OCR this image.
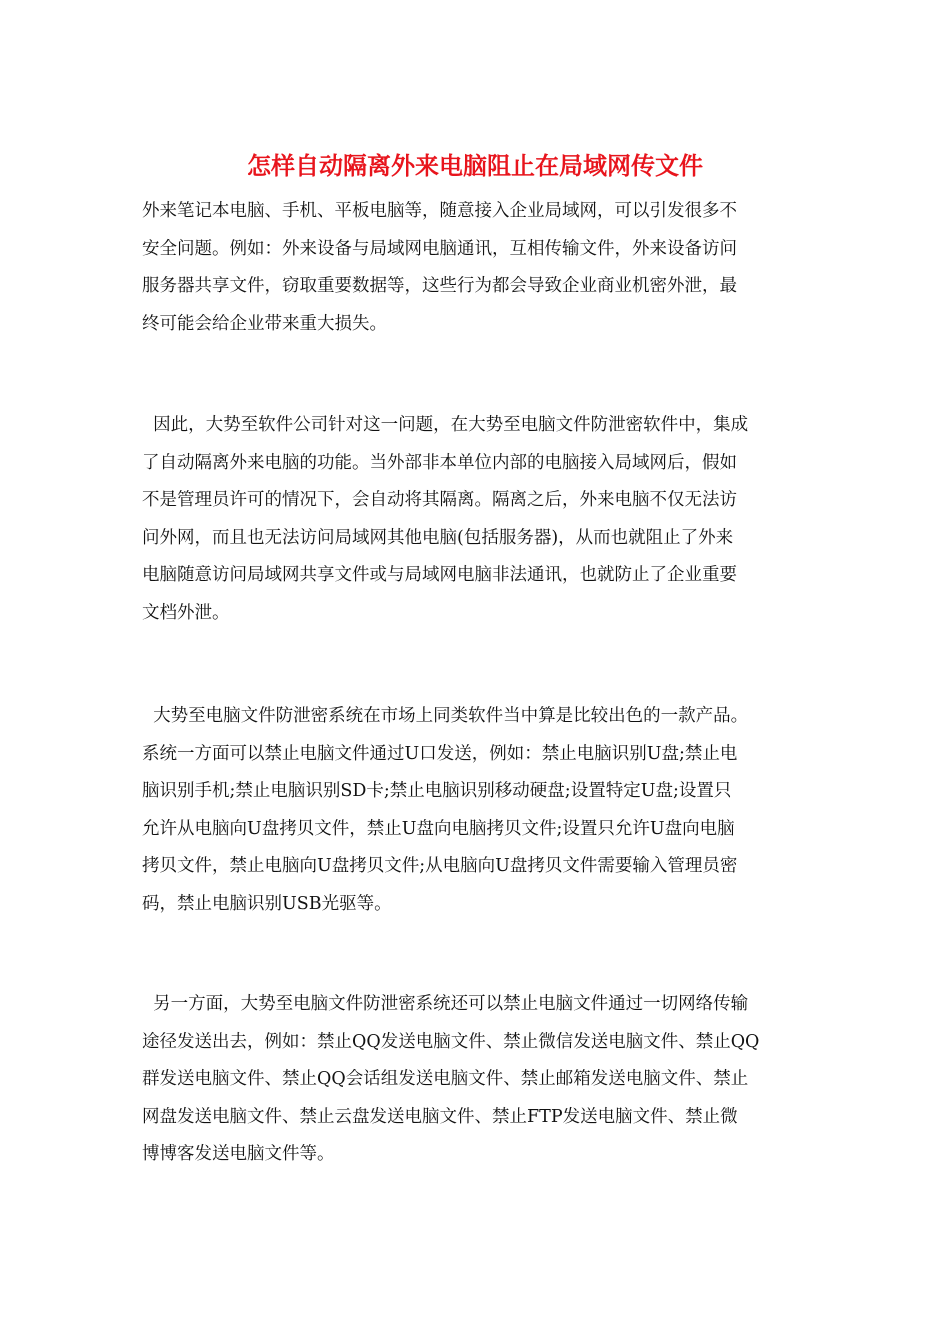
怎样自动隔离外来电脑阻止在局域网传文件
外来笔记本电脑、手机、平板电脑等，随意接入企业局域网，可以引发很多不
安全问题。例如：外来设备与局域网电脑通讯，互相传输文件，外来设备访问
服务器共享文件，窃取重要数据等，这些行为都会导致企业商业机密外泄，最
终可能会给企业带来重大损失。
因此，大势至软件公司针对这一问题，在大势至电脑文件防泄密软件中，集成
了自动隔离外来电脑的功能。当外部非本单位内部的电脑接入局域网后，假如
不是管理员许可的情况下，会自动将其隔离。隔离之后，外来电脑不仅无法访
问外网，而且也无法访问局域网其他电脑(包括服务器)，从而也就阻止了外来
电脑随意访问局域网共享文件或与局域网电脑非法通讯，也就防止了企业重要
文档外泄。
大势至电脑文件防泄密系统在市场上同类软件当中算是比较出色的一款产品。
系统一方面可以禁止电脑文件通过U口发送，例如：禁止电脑识别U盘;禁止电
脑识别手机;禁止电脑识别SD卡;禁止电脑识别移动硬盘;设置特定U盘;设置只
允许从电脑向U盘拷贝文件，禁止U盘向电脑拷贝文件;设置只允许U盘向电脑
拷贝文件，禁止电脑向U盘拷贝文件;从电脑向U盘拷贝文件需要输入管理员密
码，禁止电脑识别USB光驱等。
另一方面，大势至电脑文件防泄密系统还可以禁止电脑文件通过一切网络传输
途径发送出去，例如：禁止QQ发送电脑文件、禁止微信发送电脑文件、禁止QQ
群发送电脑文件、禁止QQ会话组发送电脑文件、禁止邮箱发送电脑文件、禁止
网盘发送电脑文件、禁止云盘发送电脑文件、禁止FTP发送电脑文件、禁止微
博博客发送电脑文件等。
